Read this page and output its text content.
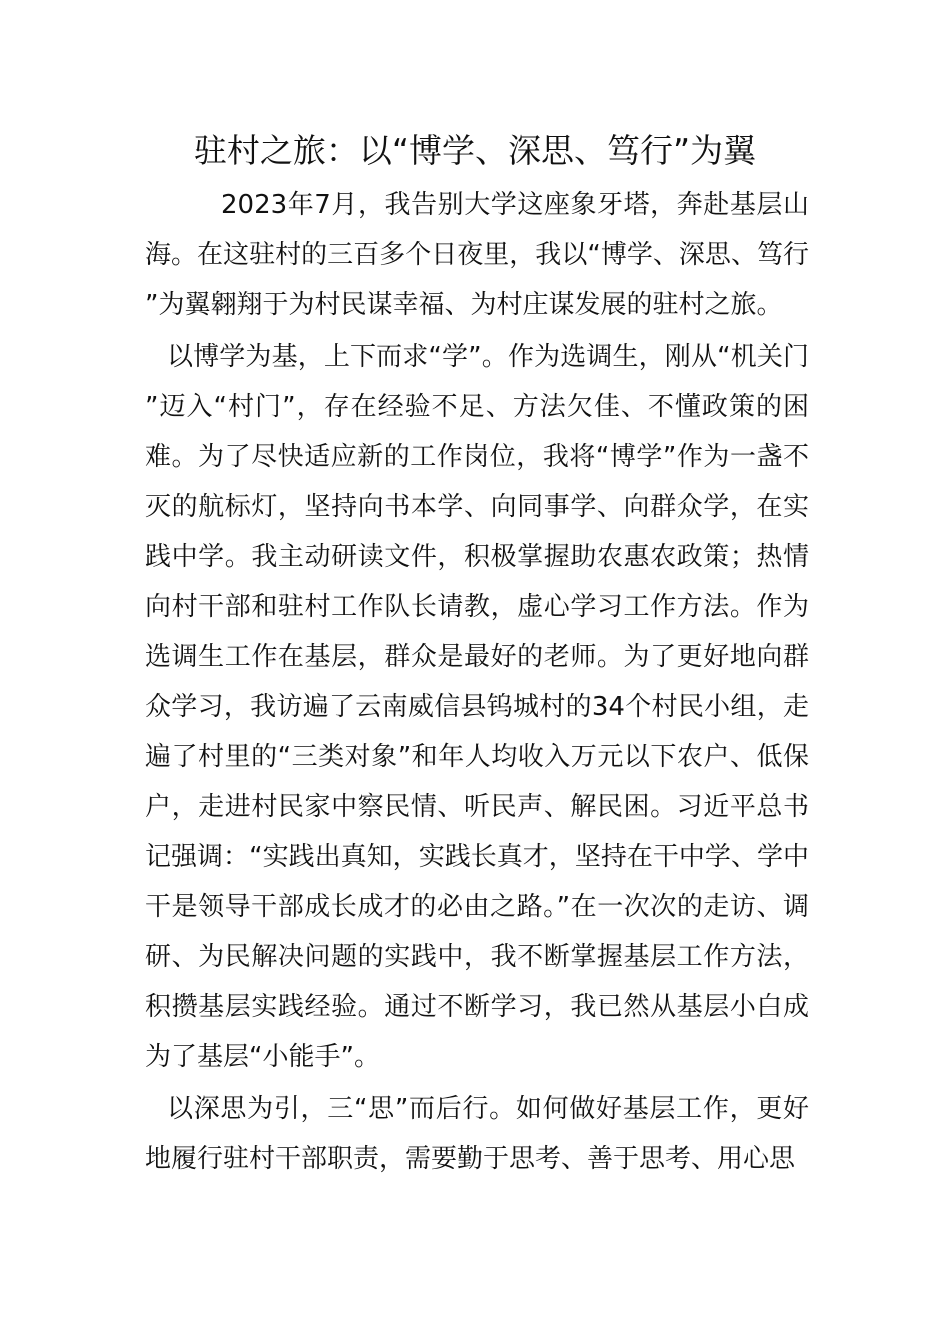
驻村之旅：以“博学、深思、笃行”为翼

2023年7月，我告别大学这座象牙塔，奔赴基层山海。在这驻村的三百多个日夜里，我以“博学、深思、笃行”为翼翱翔于为村民谋幸福、为村庄谋发展的驻村之旅。

以博学为基，上下而求“学”。作为选调生，刚从“机关门”迈入“村门”，存在经验不足、方法欠佳、不懂政策的困难。为了尽快适应新的工作岗位，我将“博学”作为一盏不灭的航标灯，坚持向书本学、向同事学、向群众学，在实践中学。我主动研读文件，积极掌握助农惠农政策；热情向村干部和驻村工作队长请教，虚心学习工作方法。作为选调生工作在基层，群众是最好的老师。为了更好地向群众学习，我访遍了云南威信县钨城村的34个村民小组，走遍了村里的“三类对象”和年人均收入万元以下农户、低保户，走进村民家中察民情、听民声、解民困。习近平总书记强调：“实践出真知，实践长真才，坚持在干中学、学中干是领导干部成长成才的必由之路。”在一次次的走访、调研、为民解决问题的实践中，我不断掌握基层工作方法，积攒基层实践经验。通过不断学习，我已然从基层小白成为了基层“小能手”。

以深思为引，三“思”而后行。如何做好基层工作，更好地履行驻村干部职责，需要勤于思考、善于思考、用心思
